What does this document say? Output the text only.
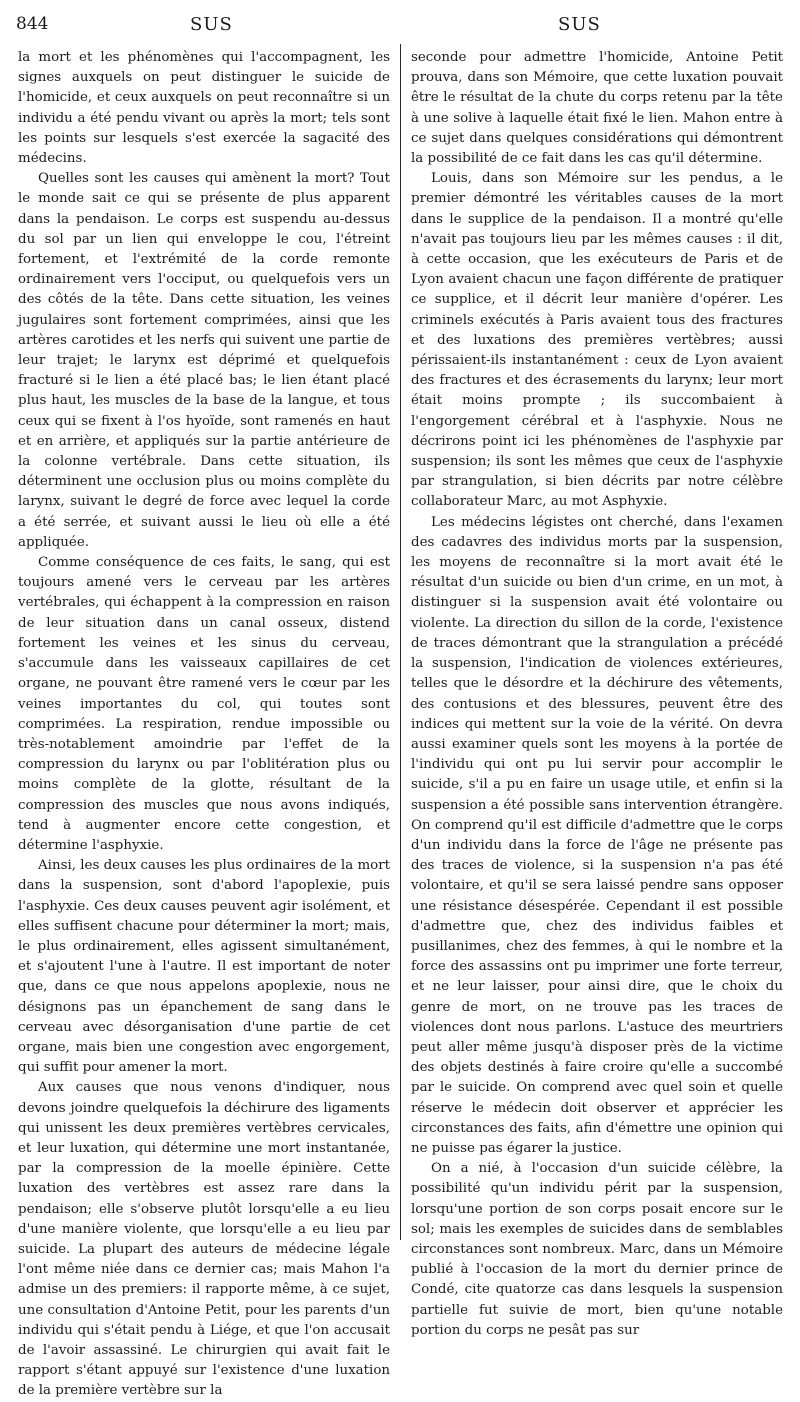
844	SUS	SUS

la mort et les phénomènes qui l'accompagnent, les signes auxquels on peut distinguer le suicide de l'homicide, et ceux auxquels on peut reconnaître si un individu a été pendu vivant ou après la mort; tels sont les points sur lesquels s'est exercée la sagacité des médecins.

Quelles sont les causes qui amènent la mort? Tout le monde sait ce qui se présente de plus apparent dans la pendaison. Le corps est suspendu au-dessus du sol par un lien qui enveloppe le cou, l'étreint fortement, et l'extrémité de la corde remonte ordinairement vers l'occiput, ou quelquefois vers un des côtés de la tête. Dans cette situation, les veines jugulaires sont fortement comprimées, ainsi que les artères carotides et les nerfs qui suivent une partie de leur trajet; le larynx est déprimé et quelquefois fracturé si le lien a été placé bas; le lien étant placé plus haut, les muscles de la base de la langue, et tous ceux qui se fixent à l'os hyoïde, sont ramenés en haut et en arrière, et appliqués sur la partie antérieure de la colonne vertébrale. Dans cette situation, ils déterminent une occlusion plus ou moins complète du larynx, suivant le degré de force avec lequel la corde a été serrée, et suivant aussi le lieu où elle a été appliquée.

Comme conséquence de ces faits, le sang, qui est toujours amené vers le cerveau par les artères vertébrales, qui échappent à la compression en raison de leur situation dans un canal osseux, distend fortement les veines et les sinus du cerveau, s'accumule dans les vaisseaux capillaires de cet organe, ne pouvant être ramené vers le cœur par les veines importantes du col, qui toutes sont comprimées. La respiration, rendue impossible ou très-notablement amoindrie par l'effet de la compression du larynx ou par l'oblitération plus ou moins complète de la glotte, résultant de la compression des muscles que nous avons indiqués, tend à augmenter encore cette congestion, et détermine l'asphyxie.

Ainsi, les deux causes les plus ordinaires de la mort dans la suspension, sont d'abord l'apoplexie, puis l'asphyxie. Ces deux causes peuvent agir isolément, et elles suffisent chacune pour déterminer la mort; mais, le plus ordinairement, elles agissent simultanément, et s'ajoutent l'une à l'autre. Il est important de noter que, dans ce que nous appelons apoplexie, nous ne désignons pas un épanchement de sang dans le cerveau avec désorganisation d'une partie de cet organe, mais bien une congestion avec engorgement, qui suffit pour amener la mort.

Aux causes que nous venons d'indiquer, nous devons joindre quelquefois la déchirure des ligaments qui unissent les deux premières vertèbres cervicales, et leur luxation, qui détermine une mort instantanée, par la compression de la moelle épinière. Cette luxation des vertèbres est assez rare dans la pendaison; elle s'observe plutôt lorsqu'elle a eu lieu d'une manière violente, que lorsqu'elle a eu lieu par suicide. La plupart des auteurs de médecine légale l'ont même niée dans ce dernier cas; mais Mahon l'a admise un des premiers: il rapporte même, à ce sujet, une consultation d'Antoine Petit, pour les parents d'un individu qui s'était pendu à Liége, et que l'on accusait de l'avoir assassiné. Le chirurgien qui avait fait le rapport s'étant appuyé sur l'existence d'une luxation de la première vertèbre sur la

seconde pour admettre l'homicide, Antoine Petit prouva, dans son Mémoire, que cette luxation pouvait être le résultat de la chute du corps retenu par la tête à une solive à laquelle était fixé le lien. Mahon entre à ce sujet dans quelques considérations qui démontrent la possibilité de ce fait dans les cas qu'il détermine.

Louis, dans son Mémoire sur les pendus, a le premier démontré les véritables causes de la mort dans le supplice de la pendaison. Il a montré qu'elle n'avait pas toujours lieu par les mêmes causes : il dit, à cette occasion, que les exécuteurs de Paris et de Lyon avaient chacun une façon différente de pratiquer ce supplice, et il décrit leur manière d'opérer. Les criminels exécutés à Paris avaient tous des fractures et des luxations des premières vertèbres; aussi périssaient-ils instantanément : ceux de Lyon avaient des fractures et des écrasements du larynx; leur mort était moins prompte ; ils succombaient à l'engorgement cérébral et à l'asphyxie. Nous ne décrirons point ici les phénomènes de l'asphyxie par suspension; ils sont les mêmes que ceux de l'asphyxie par strangulation, si bien décrits par notre célèbre collaborateur Marc, au mot Asphyxie.

Les médecins légistes ont cherché, dans l'examen des cadavres des individus morts par la suspension, les moyens de reconnaître si la mort avait été le résultat d'un suicide ou bien d'un crime, en un mot, à distinguer si la suspension avait été volontaire ou violente. La direction du sillon de la corde, l'existence de traces démontrant que la strangulation a précédé la suspension, l'indication de violences extérieures, telles que le désordre et la déchirure des vêtements, des contusions et des blessures, peuvent être des indices qui mettent sur la voie de la vérité. On devra aussi examiner quels sont les moyens à la portée de l'individu qui ont pu lui servir pour accomplir le suicide, s'il a pu en faire un usage utile, et enfin si la suspension a été possible sans intervention étrangère. On comprend qu'il est difficile d'admettre que le corps d'un individu dans la force de l'âge ne présente pas des traces de violence, si la suspension n'a pas été volontaire, et qu'il se sera laissé pendre sans opposer une résistance désespérée. Cependant il est possible d'admettre que, chez des individus faibles et pusillanimes, chez des femmes, à qui le nombre et la force des assassins ont pu imprimer une forte terreur, et ne leur laisser, pour ainsi dire, que le choix du genre de mort, on ne trouve pas les traces de violences dont nous parlons. L'astuce des meurtriers peut aller même jusqu'à disposer près de la victime des objets destinés à faire croire qu'elle a succombé par le suicide. On comprend avec quel soin et quelle réserve le médecin doit observer et apprécier les circonstances des faits, afin d'émettre une opinion qui ne puisse pas égarer la justice.

On a nié, à l'occasion d'un suicide célèbre, la possibilité qu'un individu périt par la suspension, lorsqu'une portion de son corps posait encore sur le sol; mais les exemples de suicides dans de semblables circonstances sont nombreux. Marc, dans un Mémoire publié à l'occasion de la mort du dernier prince de Condé, cite quatorze cas dans lesquels la suspension partielle fut suivie de mort, bien qu'une notable portion du corps ne pesât pas sur
